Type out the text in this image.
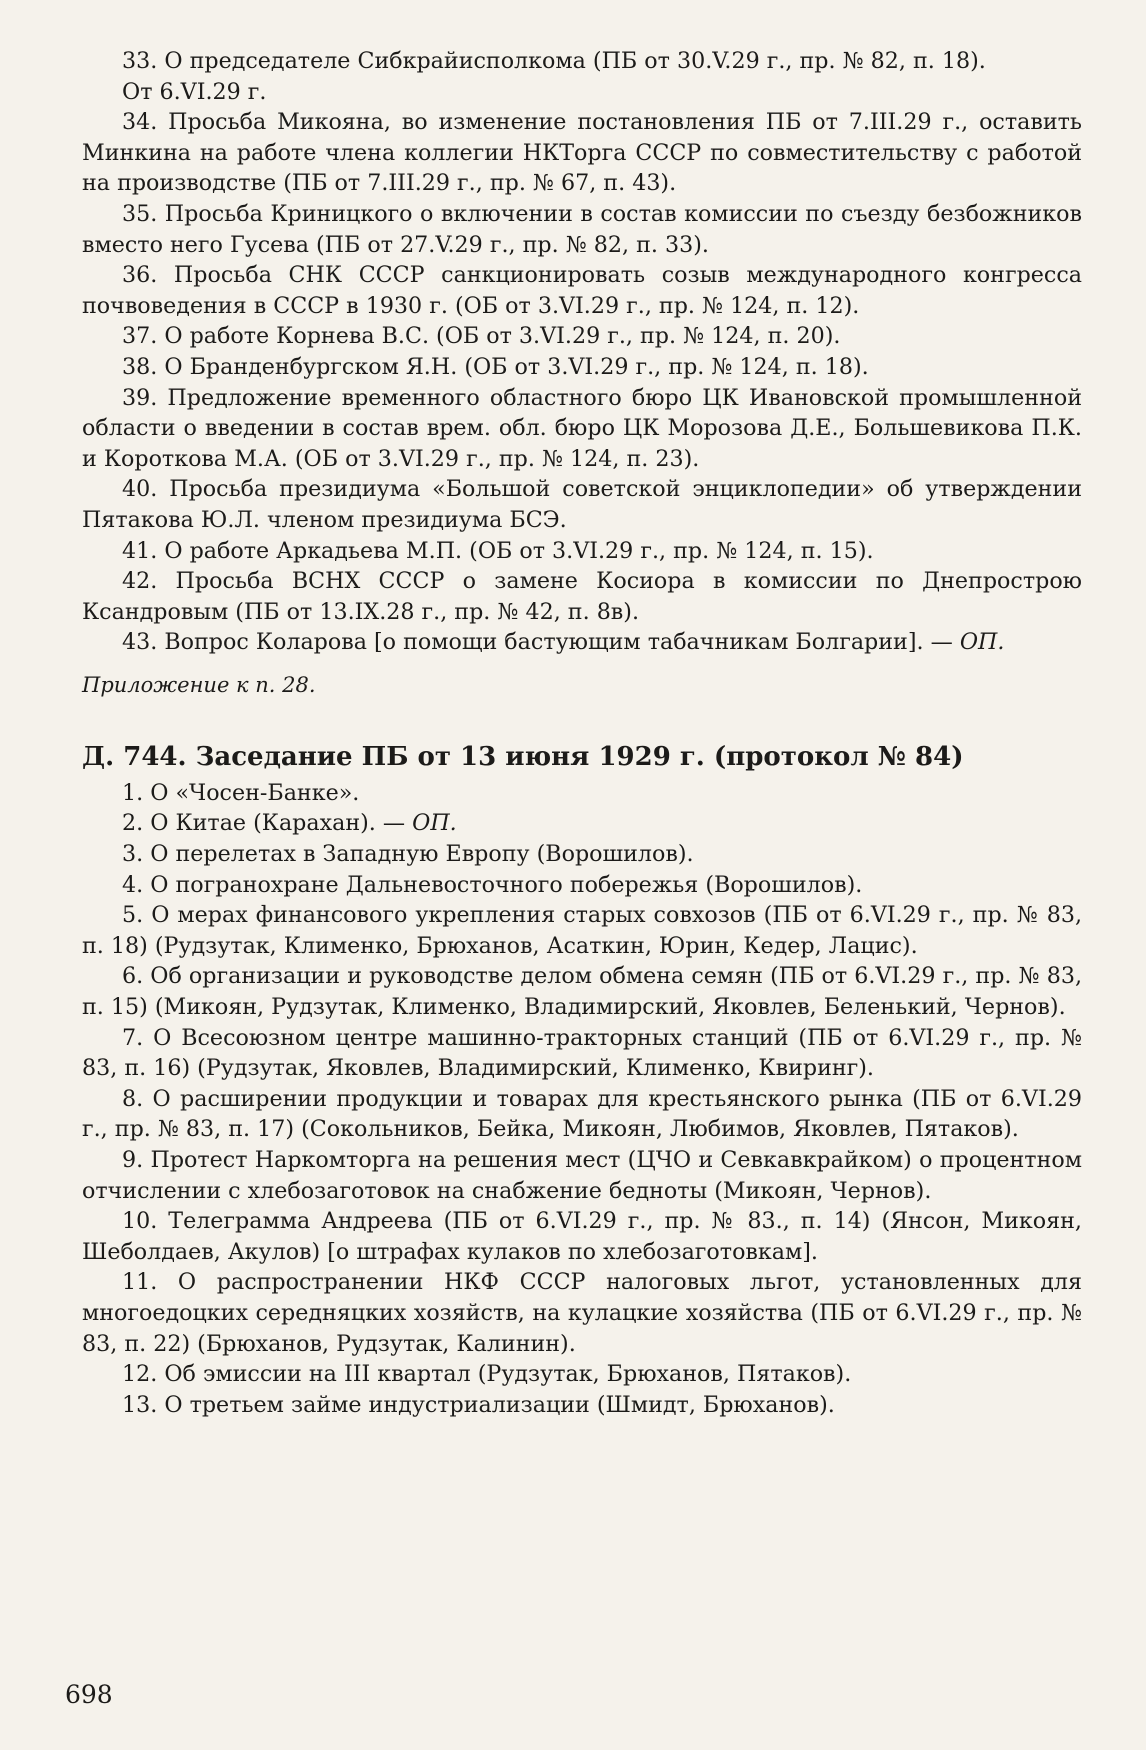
33. О председателе Сибкрайисполкома (ПБ от 30.V.29 г., пр. № 82, п. 18).

От 6.VI.29 г.

34. Просьба Микояна, во изменение постановления ПБ от 7.III.29 г., оставить Минкина на работе члена коллегии НКТорга СССР по совместительству с работой на производстве (ПБ от 7.III.29 г., пр. № 67, п. 43).

35. Просьба Криницкого о включении в состав комиссии по съезду безбожников вместо него Гусева (ПБ от 27.V.29 г., пр. № 82, п. 33).

36. Просьба СНК СССР санкционировать созыв международного конгресса почвоведения в СССР в 1930 г. (ОБ от 3.VI.29 г., пр. № 124, п. 12).

37. О работе Корнева В.С. (ОБ от 3.VI.29 г., пр. № 124, п. 20).

38. О Бранденбургском Я.Н. (ОБ от 3.VI.29 г., пр. № 124, п. 18).

39. Предложение временного областного бюро ЦК Ивановской промышленной области о введении в состав врем. обл. бюро ЦК Морозова Д.Е., Большевикова П.К. и Короткова М.А. (ОБ от 3.VI.29 г., пр. № 124, п. 23).

40. Просьба президиума «Большой советской энциклопедии» об утверждении Пятакова Ю.Л. членом президиума БСЭ.

41. О работе Аркадьева М.П. (ОБ от 3.VI.29 г., пр. № 124, п. 15).

42. Просьба ВСНХ СССР о замене Косиора в комиссии по Днепрострою Ксандровым (ПБ от 13.IX.28 г., пр. № 42, п. 8в).

43. Вопрос Коларова [о помощи бастующим табачникам Болгарии]. — ОП.

Приложение к п. 28.

Д. 744. Заседание ПБ от 13 июня 1929 г. (протокол № 84)

1. О «Чосен-Банке».

2. О Китае (Карахан). — ОП.

3. О перелетах в Западную Европу (Ворошилов).

4. О погранохране Дальневосточного побережья (Ворошилов).

5. О мерах финансового укрепления старых совхозов (ПБ от 6.VI.29 г., пр. № 83, п. 18) (Рудзутак, Клименко, Брюханов, Асаткин, Юрин, Кедер, Лацис).

6. Об организации и руководстве делом обмена семян (ПБ от 6.VI.29 г., пр. № 83, п. 15) (Микоян, Рудзутак, Клименко, Владимирский, Яковлев, Беленький, Чернов).

7. О Всесоюзном центре машинно-тракторных станций (ПБ от 6.VI.29 г., пр. № 83, п. 16) (Рудзутак, Яковлев, Владимирский, Клименко, Квиринг).

8. О расширении продукции и товарах для крестьянского рынка (ПБ от 6.VI.29 г., пр. № 83, п. 17) (Сокольников, Бейка, Микоян, Любимов, Яковлев, Пятаков).

9. Протест Наркомторга на решения мест (ЦЧО и Севкавкрайком) о процентном отчислении с хлебозаготовок на снабжение бедноты (Микоян, Чернов).

10. Телеграмма Андреева (ПБ от 6.VI.29 г., пр. № 83., п. 14) (Янсон, Микоян, Шеболдаев, Акулов) [о штрафах кулаков по хлебозаготовкам].

11. О распространении НКФ СССР налоговых льгот, установленных для многоедоцких середняцких хозяйств, на кулацкие хозяйства (ПБ от 6.VI.29 г., пр. № 83, п. 22) (Брюханов, Рудзутак, Калинин).

12. Об эмиссии на III квартал (Рудзутак, Брюханов, Пятаков).

13. О третьем займе индустриализации (Шмидт, Брюханов).

698
